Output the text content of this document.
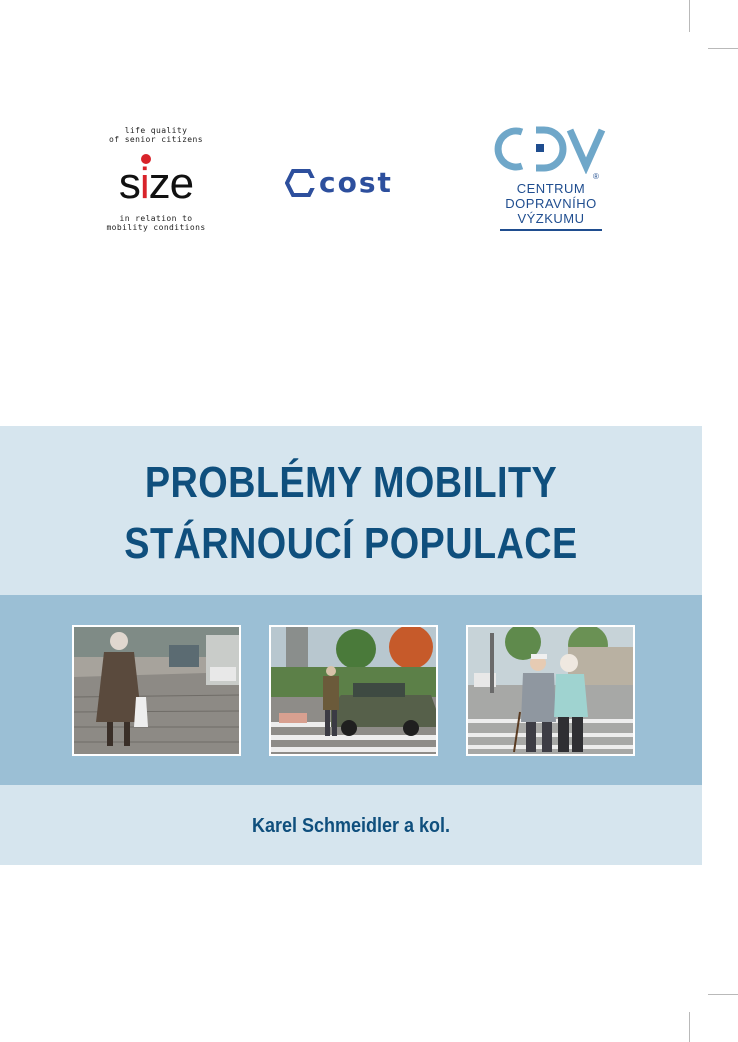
life quality
of senior citizens
size
in relation to
mobility conditions
cost	®
CENTRUM
DOPRAVNÍHO
VÝZKUMU
PROBLÉMY MOBILITY
STÁRNOUCÍ POPULACE
Karel Schmeidler a kol.
